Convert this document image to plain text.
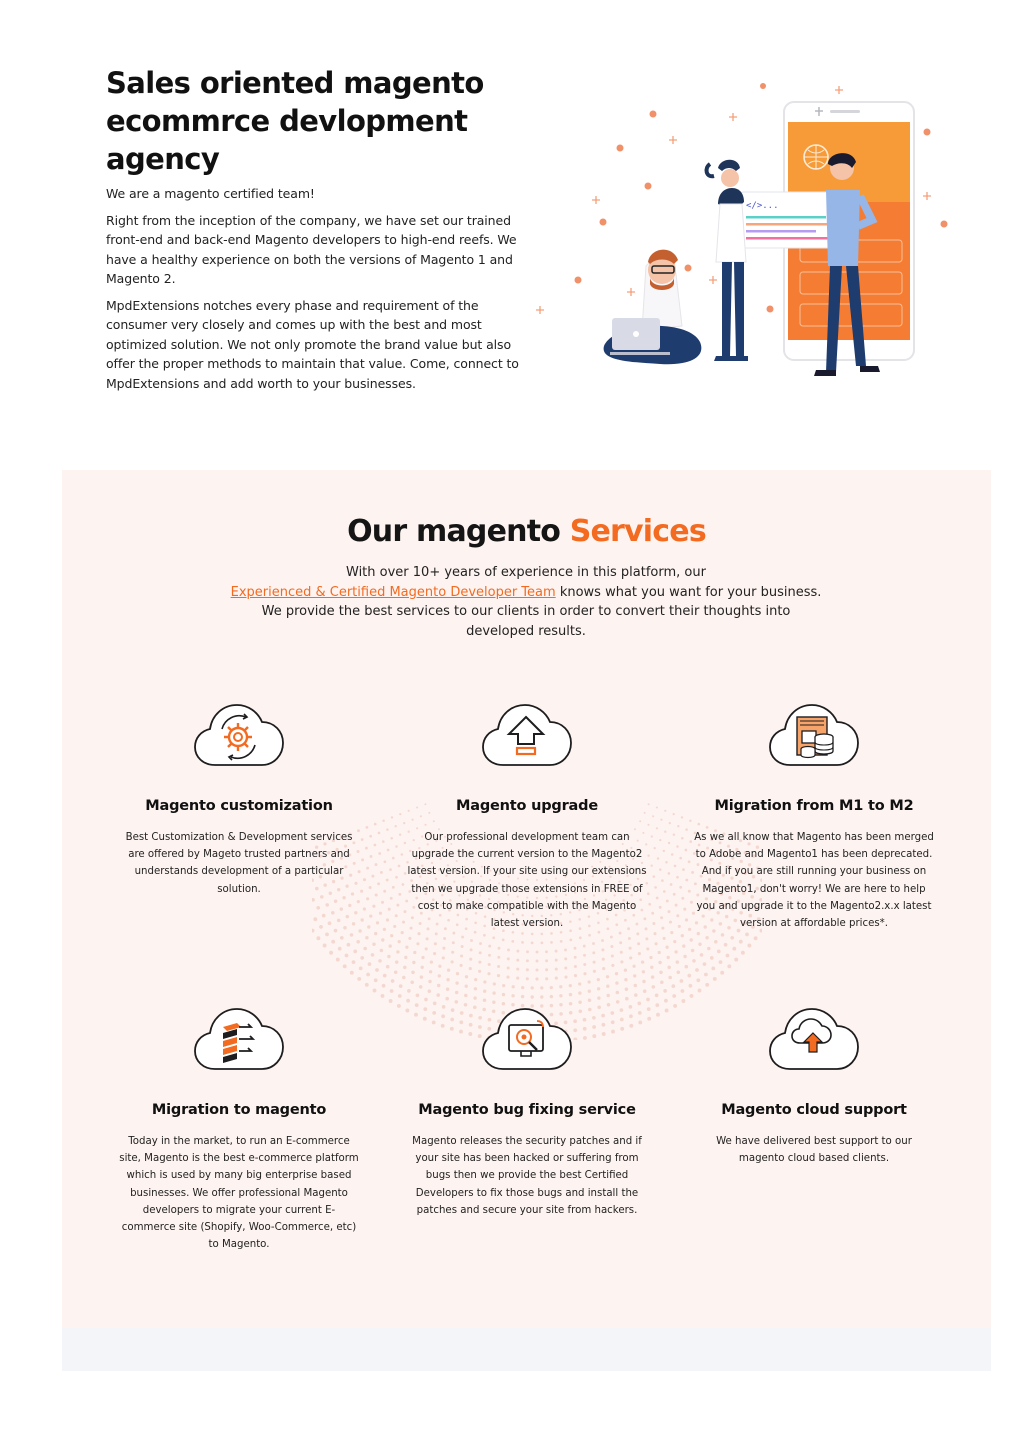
Sales oriented magento ecommrce devlopment agency

We are a magento certified team!

Right from the inception of the company, we have set our trained front-end and back-end Magento developers to high-end reefs. We have a healthy experience on both the versions of Magento 1 and Magento 2.

MpdExtensions notches every phase and requirement of the consumer very closely and comes up with the best and most optimized solution. We not only promote the brand value but also offer the proper methods to maintain that value. Come, connect to MpdExtensions and add worth to your businesses.

</>...
Our magento Services
With over 10+ years of experience in this platform, our
Experienced & Certified Magento Developer Team knows what you want for your business. We provide the best services to our clients in order to convert their thoughts into developed results.
Magento customization

Best Customization & Development services are offered by Mageto trusted partners and understands development of a particular solution.

Magento upgrade

Our professional development team can upgrade the current version to the Magento2 latest version. If your site using our extensions then we upgrade those extensions in FREE of cost to make compatible with the Magento latest version.

Migration from M1 to M2

As we all know that Magento has been merged to Adobe and Magento1 has been deprecated. And if you are still running your business on Magento1, don't worry! We are here to help you and upgrade it to the Magento2.x.x latest version at affordable prices*.

Migration to magento

Today in the market, to run an E-commerce site, Magento is the best e-commerce platform which is used by many big enterprise based businesses. We offer professional Magento developers to migrate your current E-commerce site (Shopify, Woo-Commerce, etc) to Magento.

Magento bug fixing service

Magento releases the security patches and if your site has been hacked or suffering from bugs then we provide the best Certified Developers to fix those bugs and install the patches and secure your site from hackers.

Magento cloud support

We have delivered best support to our magento cloud based clients.
